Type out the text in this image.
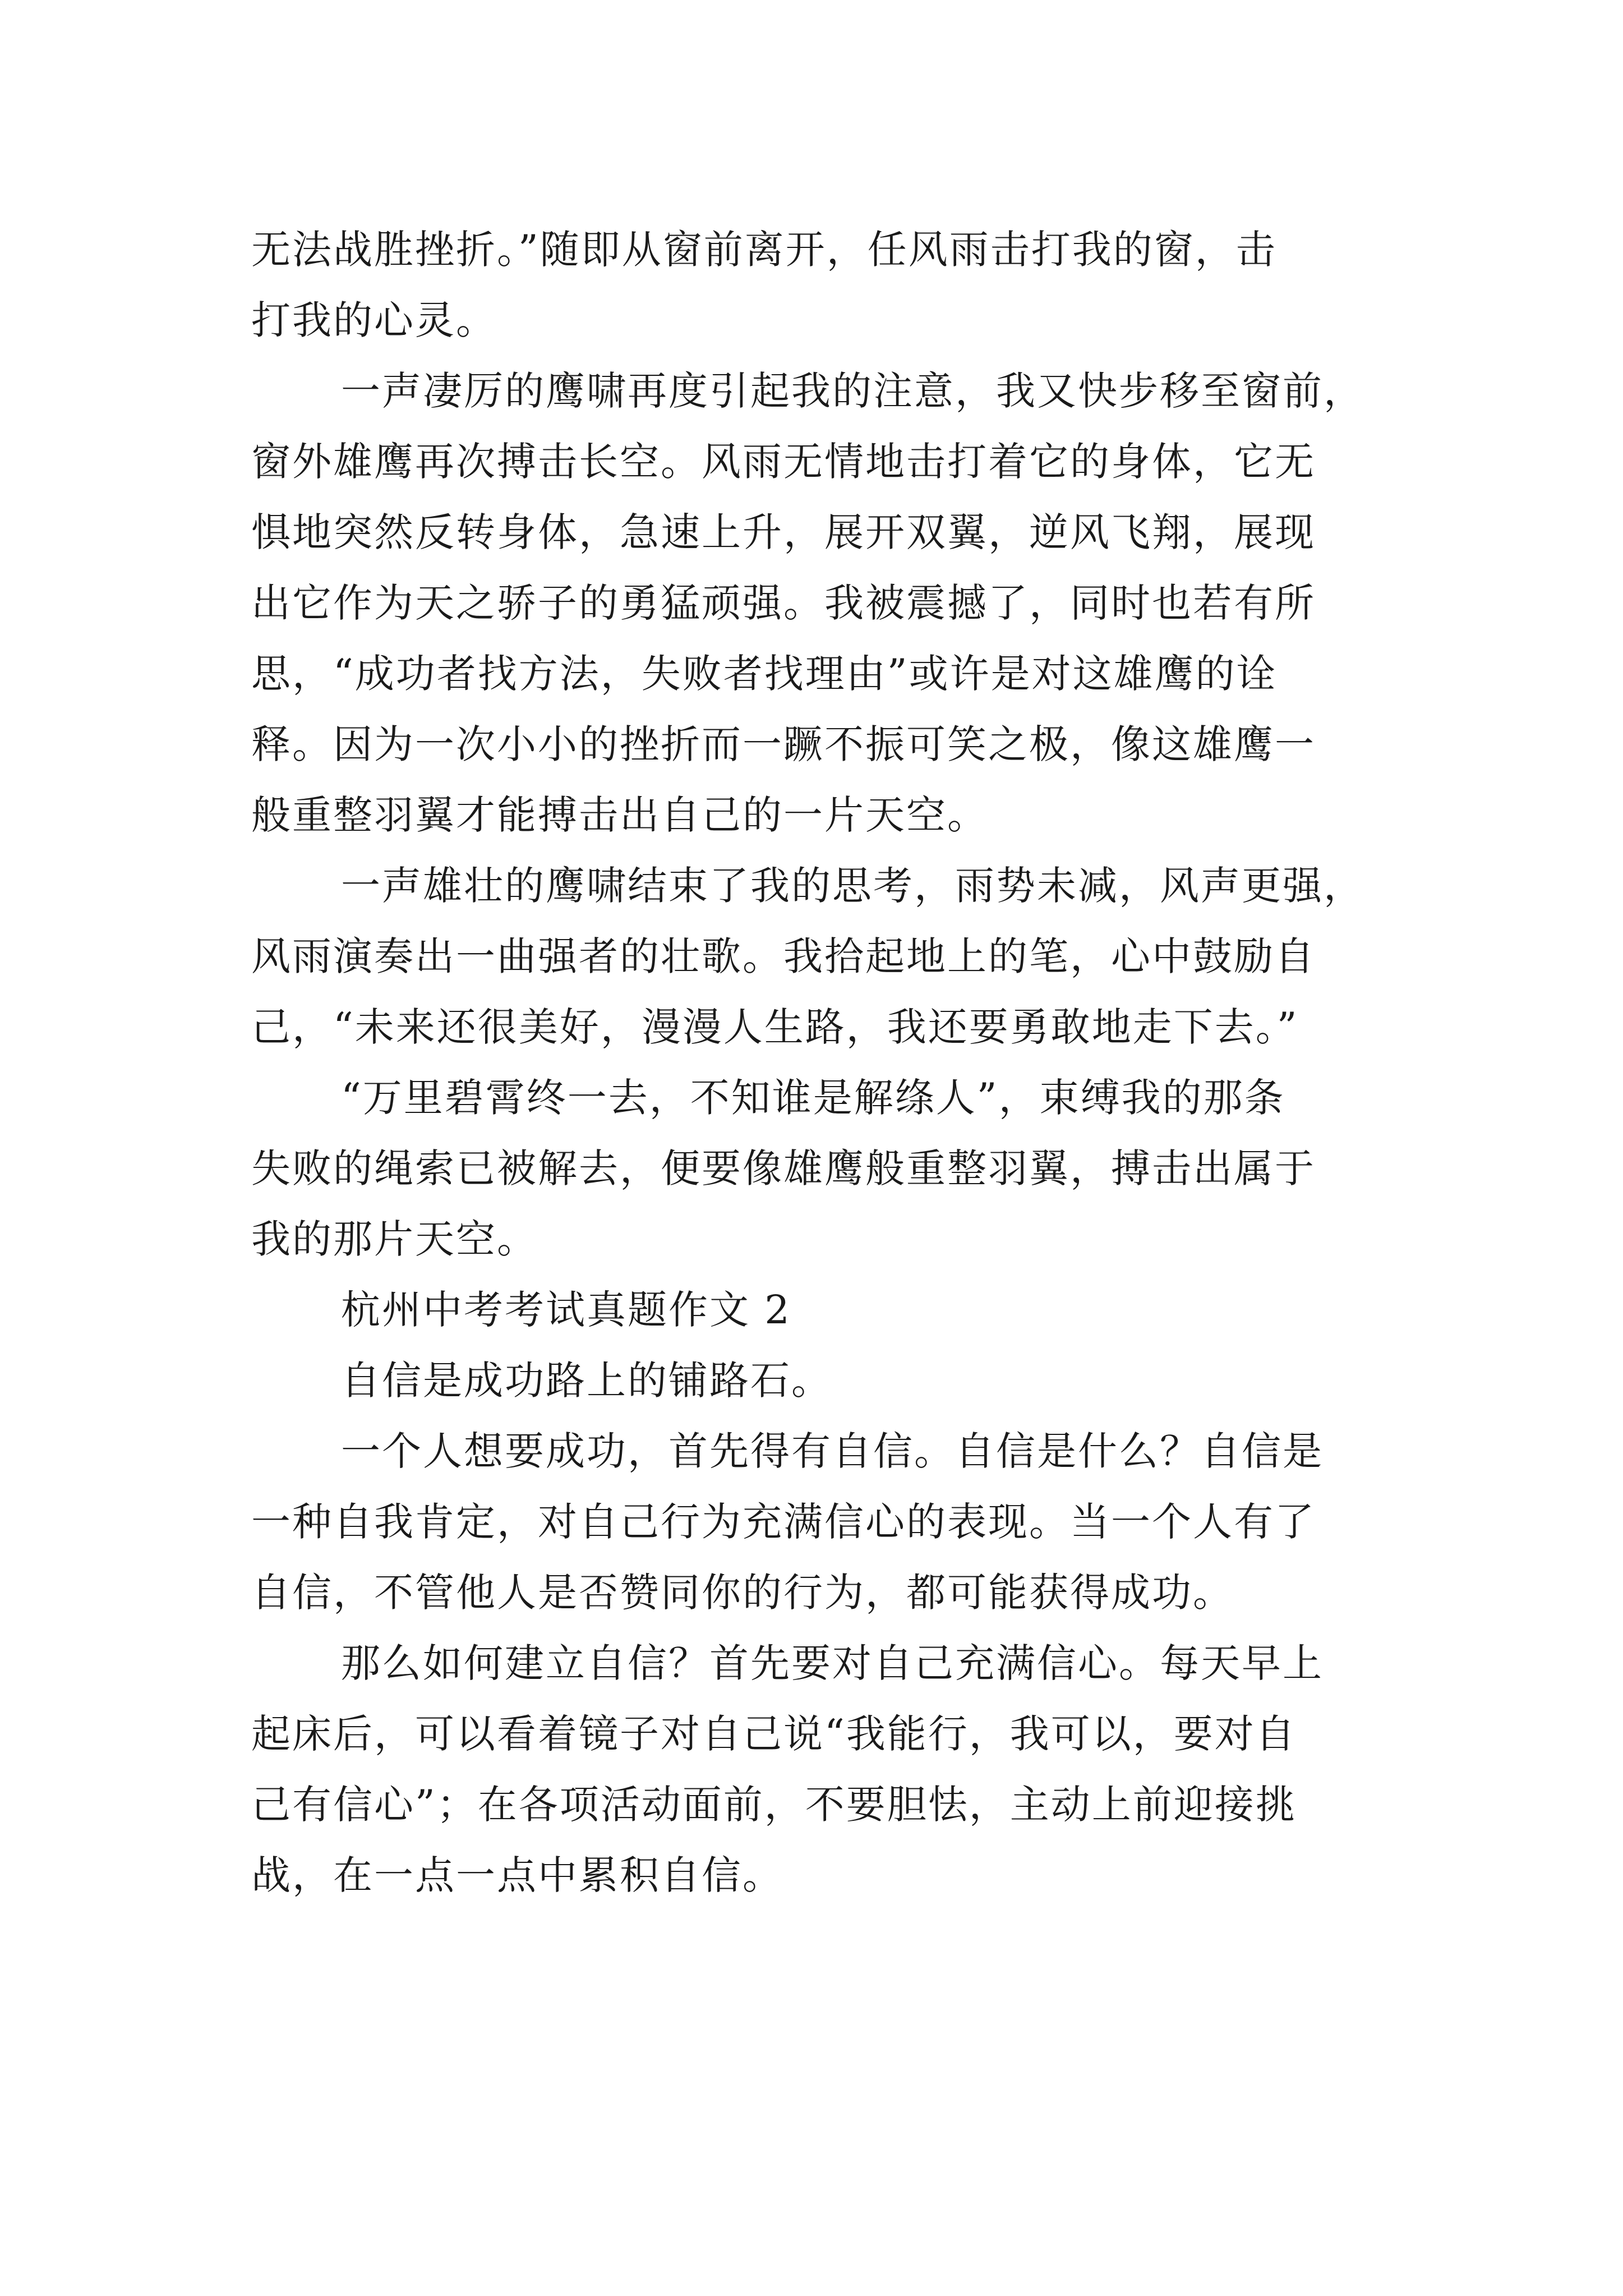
无法战胜挫折。”随即从窗前离开，任风雨击打我的窗，击
打我的心灵。
一声凄厉的鹰啸再度引起我的注意，我又快步移至窗前，
窗外雄鹰再次搏击长空。风雨无情地击打着它的身体，它无
惧地突然反转身体，急速上升，展开双翼，逆风飞翔，展现
出它作为天之骄子的勇猛顽强。我被震撼了，同时也若有所
思，“成功者找方法，失败者找理由”或许是对这雄鹰的诠
释。因为一次小小的挫折而一蹶不振可笑之极，像这雄鹰一
般重整羽翼才能搏击出自己的一片天空。
一声雄壮的鹰啸结束了我的思考，雨势未减，风声更强，
风雨演奏出一曲强者的壮歌。我拾起地上的笔，心中鼓励自
己，“未来还很美好，漫漫人生路，我还要勇敢地走下去。”
“万里碧霄终一去，不知谁是解绦人”，束缚我的那条
失败的绳索已被解去，便要像雄鹰般重整羽翼，搏击出属于
我的那片天空。
杭州中考考试真题作文 2
自信是成功路上的铺路石。
一个人想要成功，首先得有自信。自信是什么？自信是
一种自我肯定，对自己行为充满信心的表现。当一个人有了
自信，不管他人是否赞同你的行为，都可能获得成功。
那么如何建立自信？首先要对自己充满信心。每天早上
起床后，可以看着镜子对自己说“我能行，我可以，要对自
己有信心”；在各项活动面前，不要胆怯，主动上前迎接挑
战，在一点一点中累积自信。
